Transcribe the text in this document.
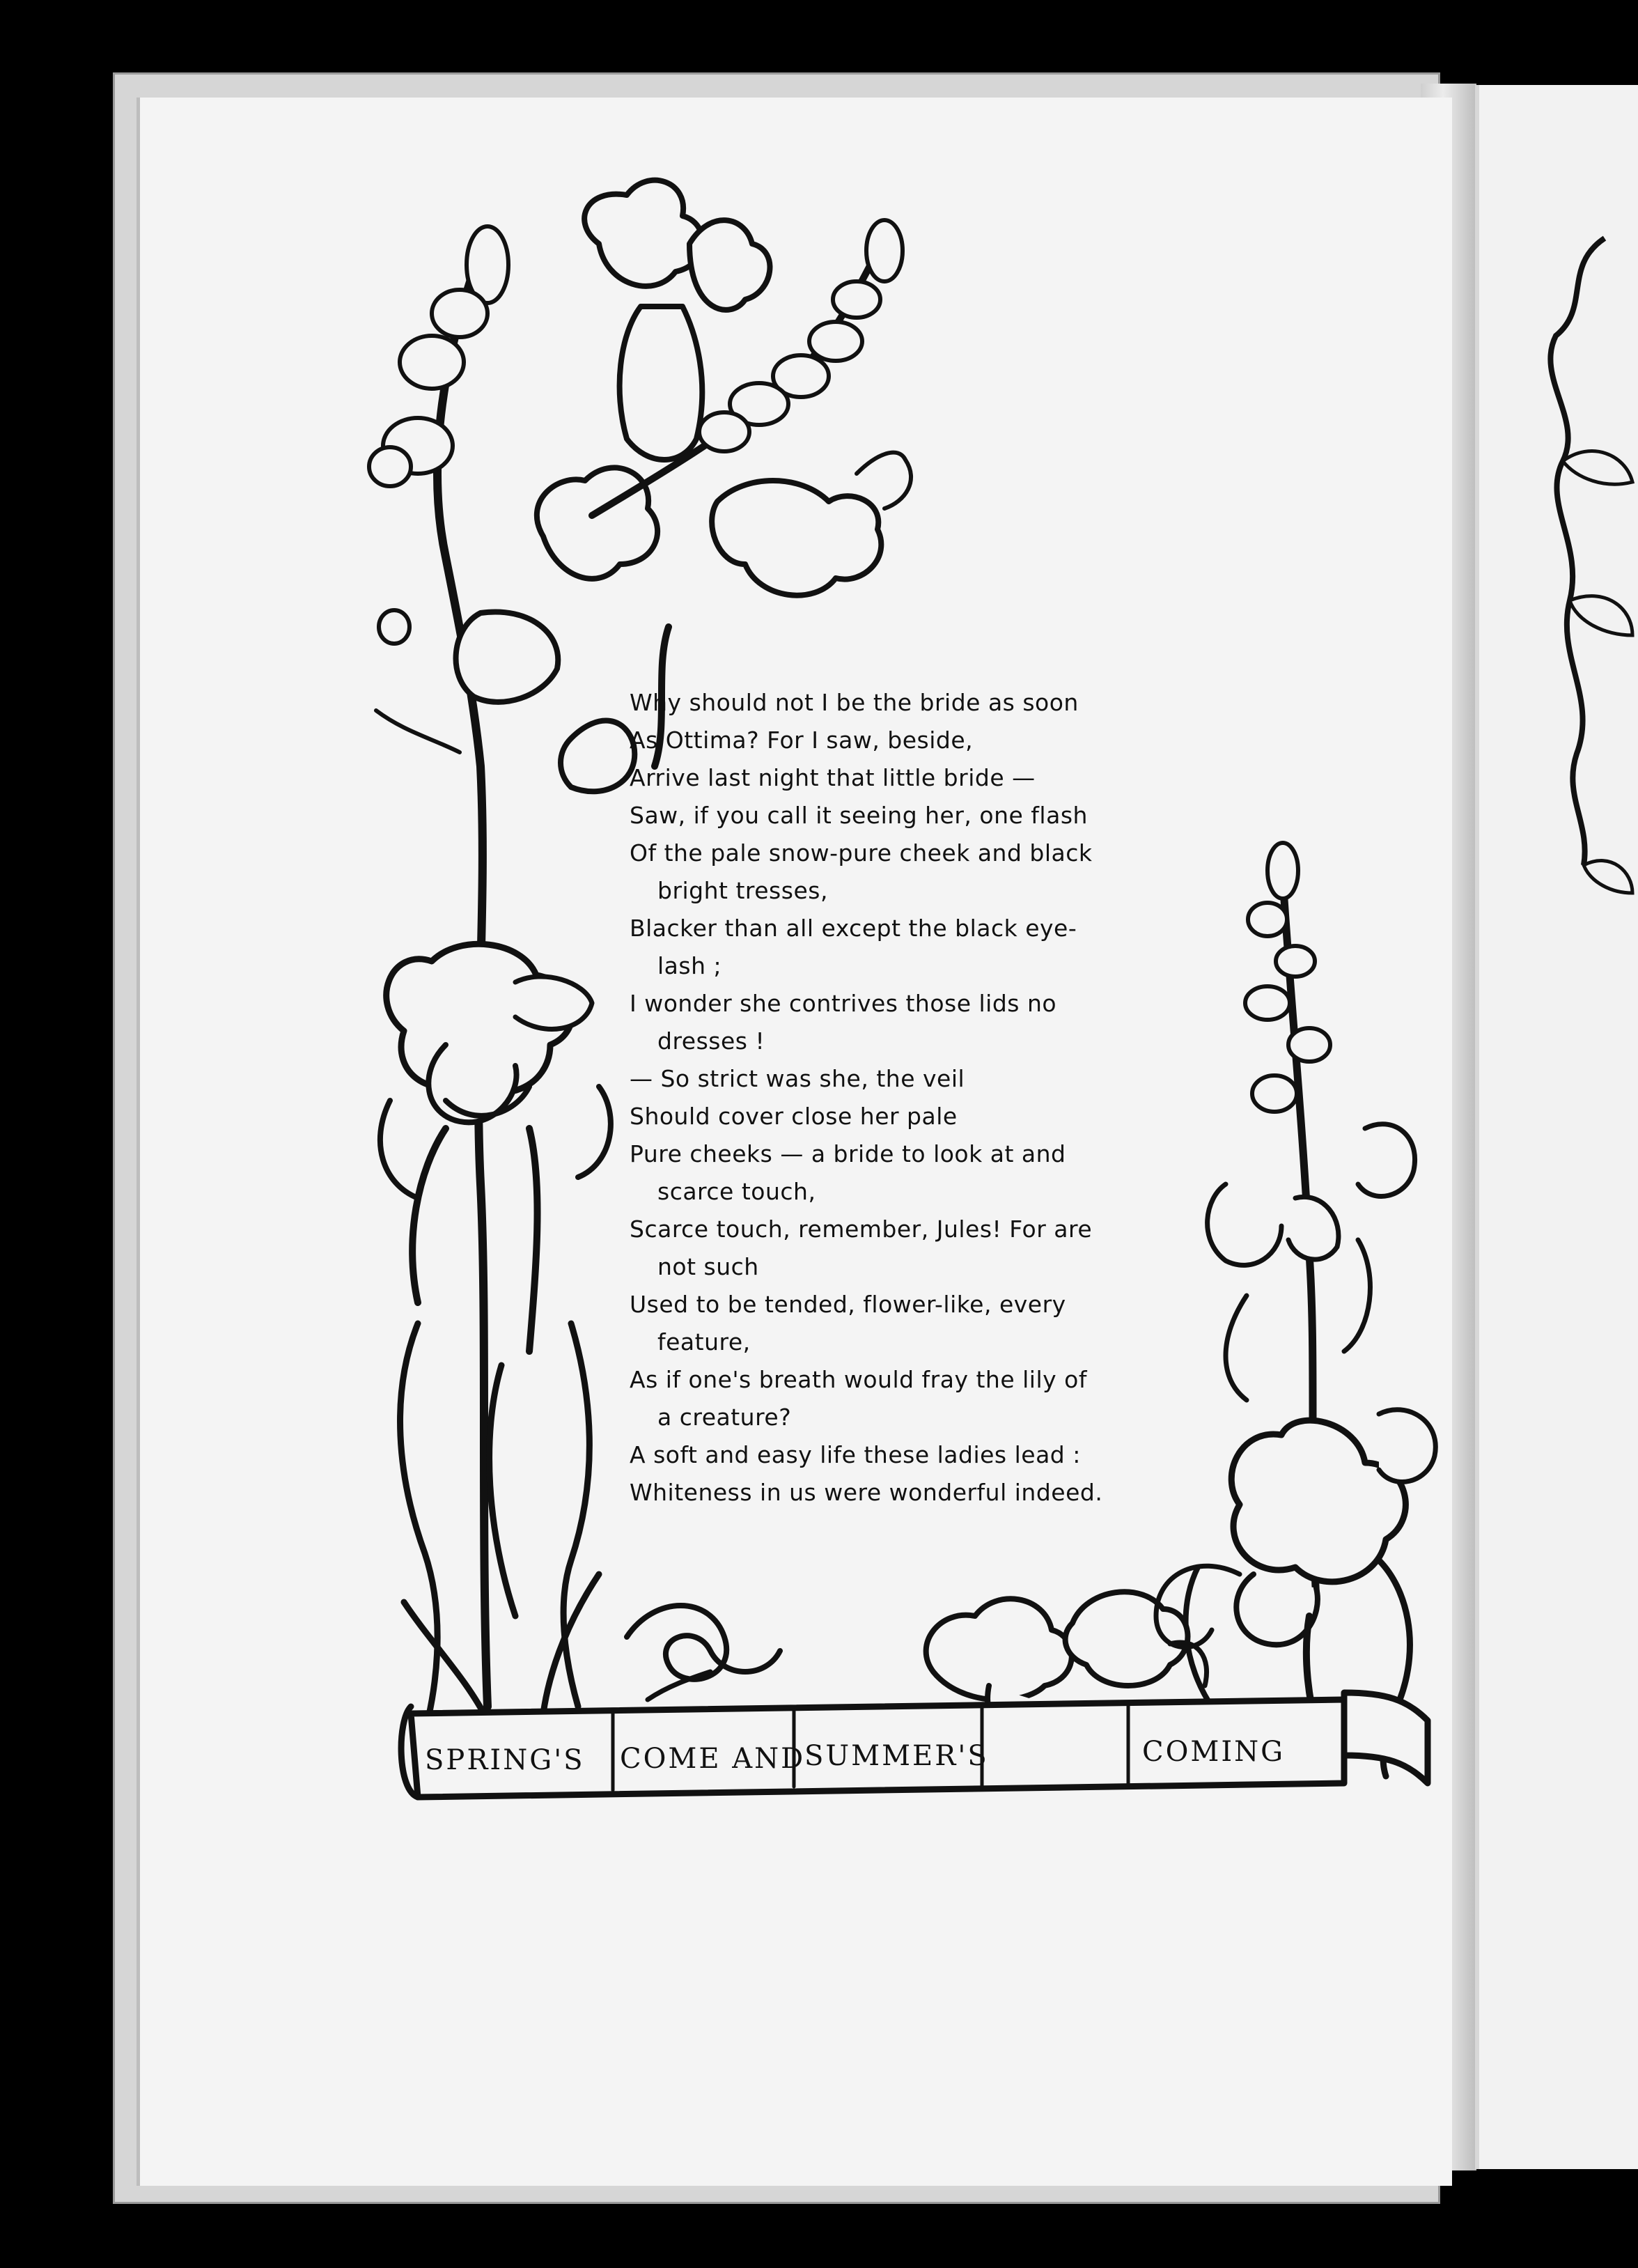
SPRING'S COME AND
SUMMER'S	COMING
Why should not I be the bride as soon
As Ottima? For I saw, beside,
Arrive last night that little bride —
Saw, if you call it seeing her, one flash
Of the pale snow-pure cheek and black
bright tresses,
Blacker than all except the black eye-
lash ;
I wonder she contrives those lids no
dresses !
— So strict was she, the veil
Should cover close her pale
Pure cheeks — a bride to look at and
scarce touch,
Scarce touch, remember, Jules! For are
not such
Used to be tended, flower-like, every
feature,
As if one's breath would fray the lily of
a creature?
A soft and easy life these ladies lead :
Whiteness in us were wonderful indeed.
